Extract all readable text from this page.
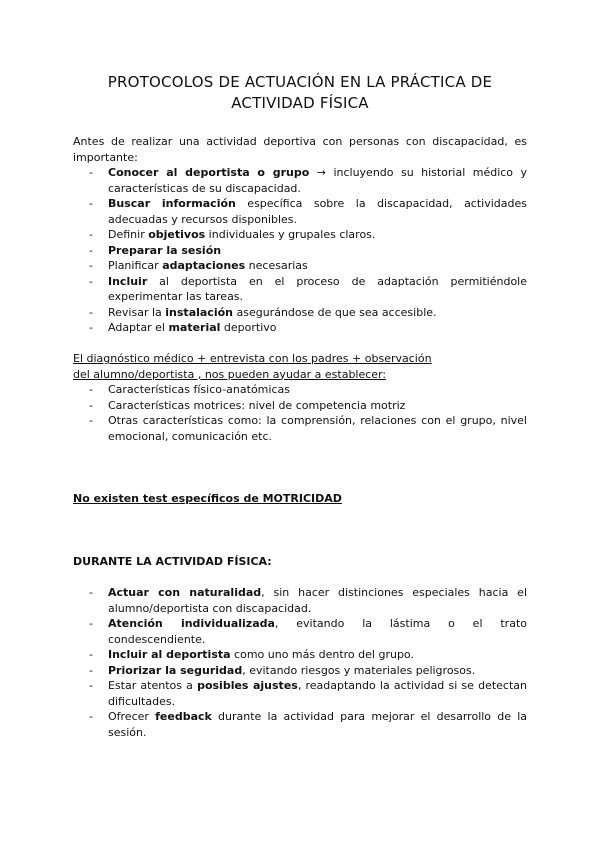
PROTOCOLOS DE ACTUACIÓN EN LA PRÁCTICA DE
ACTIVIDAD FÍSICA
Antes de realizar una actividad deportiva con personas con discapacidad, es importante:
- Conocer al deportista o grupo → incluyendo su historial médico y características de su discapacidad.
- Buscar información específica sobre la discapacidad, actividades adecuadas y recursos disponibles.
- Definir objetivos individuales y grupales claros.
- Preparar la sesión
- Planificar adaptaciones necesarias
- Incluir al deportista en el proceso de adaptación permitiéndole experimentar las tareas.
- Revisar la instalación asegurándose de que sea accesible.
- Adaptar el material deportivo
El diagnóstico médico + entrevista con los padres + observación
del alumno/deportista , nos pueden ayudar a establecer:
- Características físico-anatómicas
- Características motrices: nivel de competencia motriz
- Otras características como: la comprensión, relaciones con el grupo, nivel emocional, comunicación etc.
No existen test específicos de MOTRICIDAD
DURANTE LA ACTIVIDAD FÍSICA:
- Actuar con naturalidad, sin hacer distinciones especiales hacia el alumno/deportista con discapacidad.
- Atención individualizada, evitando la lástima o el trato condescendiente.
- Incluir al deportista como uno más dentro del grupo.
- Priorizar la seguridad, evitando riesgos y materiales peligrosos.
- Estar atentos a posibles ajustes, readaptando la actividad si se detectan dificultades.
- Ofrecer feedback durante la actividad para mejorar el desarrollo de la sesión.
